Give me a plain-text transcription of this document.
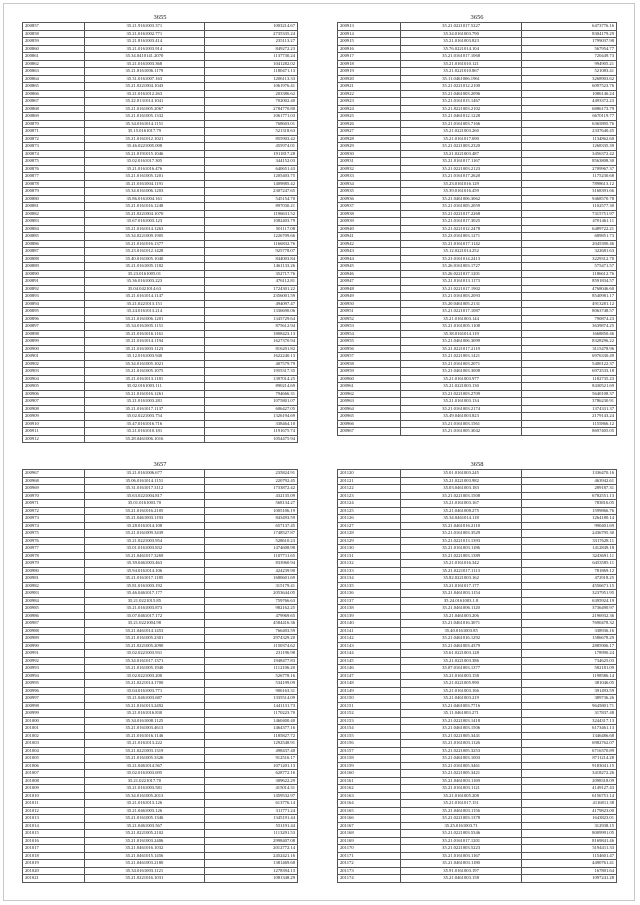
3655
200857	35.21.9161003.371	1003214.67
200858	35.21.0161002.771	2735335.24
200859	35.21.8161003.414	235113.27
200860	35.21.0161003.914	849272.23
200861	35.34.0410141.2070	1137730.24
200862	35.21.0161003.368	1041282.02
200863	35.21.8161006.1179	1180471.13
200864	35.31.0161007.163	1206113.33
200865	35.21.0221004.1043	1061976.41
200866	35.21.0161012.263	203386.62
200867	35.22.0131014.1041	702002.40
200868	35.21.0161005.2067	2784770.80
200869	35.21.0161005.1332	1061771.03
200870	35.34.0161014.1151	768603.01
200871	35.15.0161017.79	521318.63
200872	35.21.0161012.1021	855903.42
200873	35.46.0221005.008	455974.01
200874	35.21.0191015.1046	1911817.28
200875	35.02.0161017.305	344152.03
200876	35.21.0161016.476	640651.43
200877	35.21.0161005.1201	1205403.75
200878	35.21.0161004.1191	1409885.42
200879	35.34.0161006.1203	2307247.65
200880	35.86.0161004.161	545154.70
200881	35.21.0161016.1248	897030.21
200882	35.21.0221004.1070	1196631.52
200883	35.67.0161003.123	1082403.79
200884	35.21.0161014.1263	501117.08
200885	35.34.0221009.1905	1226709.66
200886	35.21.0161016.1377	1166832.76
200887	35.23.0161012.1428	925778.07
200888	35.40.0161005.1040	844003.84
200889	35.21.0161005.1182	1461133.26
200890	35.23.0161005.01	352717.76
200891	35.36.0161003.223	476112.81
200892	35.04.0421014.63	1724301.22
200893	35.21.0161014.1147	2356001.59
200894	35.21.0221013.151	494097.47
200895	35.24.0161013.214	1336690.06
200896	35.21.0161006.1201	1345729.64
200897	35.34.0161005.1151	875612.94
200898	35.21.0161016.1161	1808423.13
200899	35.21.0161014.1194	1627370.94
200900	35.21.0161003.1123	816201.82
200901	35.12.0161003.940	1622240.13
200902	35.34.0161005.1021	407579.79
200903	35.21.0161005.1075	1955317.35
200904	35.21.0161013.1181	1397014.25
200905	35.02.0161003.111	890214.69
200906	35.21.0161016.1261	794666.31
200907	35.21.0161003.281	1075801.07
200908	35.21.0161017.1137	606427.05
200909	35.02.0221003.754	1326194.69
200910	35.47.0161016.716	338464.10
200911	35.21.0161010.181	1191675.74
200912	35.28.0461006.1016	1054475.94
3656
200913	35.21.0221017.5227	6473776.16
200914	35.34.0161003.790	8304179.29
200915	35.21.0161003.823	1799037.98
200916	35.76.0221014.104	567954.77
200917	35.21.0161017.1068	720449.73
200918	35.21.0161010.121	994905.21
200919	35.21.0221010.867	521083.41
200920	35.11.0461006.1961	3268903.62
200921	35.21.0221012.2100	6097523.76
200922	35.21.0461003.2096	1086146.24
200923	35.21.0161015.1467	4493372.23
200924	35.21.8221003.2102	6886173.79
200925	35.21.0461012.1228	6670119.77
200926	35.21.0161003.7166	6365895.76
200927	35.21.0221003.260	2337640.45
200928	35.21.0161017.690	1134862.60
200929	35.21.0221003.2320	1268335.39
200930	35.21.0221003.487	3456372.42
200931	35.21.0161017.1167	8563808.30
200932	35.21.0221003.2123	2709967.37
200933	35.21.0161017.2620	1175230.68
200934	35.23.0161016.129	7898613.12
200935	35.39.0161016.459	3168391.66
200936	35.21.0461006.3062	9468570.78
200937	35.21.0161005.2059	1102577.30
200938	35.21.0221017.2268	7315751.97
200939	35.21.0161017.3025	4701461.11
200940	35.21.0221012.2478	6489722.21
200941	35.23.0161003.1271	689851.73
200942	35.21.0161017.1142	2045390.46
200943	35.12.0221014.252	322681.63
200944	35.21.0161014.2413	3229312.70
200945	35.26.0161003.1727	575471.57
200946	35.26.0221017.1201	1186612.76
200947	35.21.0161013.1173	8591834.57
200948	35.21.0221017.1902	4768046.60
200949	35.21.0161003.2093	8540981.17
200950	35.20.0461005.2131	4913281.12
200951	35.21.0221017.1087	8063748.57
200952	35.21.0161003.144	790874.23
200953	35.21.0161005.1108	3639874.25
200954	35.38.0161014.119	1668850.46
200955	35.21.0461006.3099	8328296.22
200956	35.21.0221017.2119	3115478.96
200957	35.21.0221003.1421	6976330.49
200958	35.21.0161003.2071	5400122.37
200959	35.21.0461003.3008	6972533.18
200960	35.21.0161003.977	1182735.23
200961	35.21.0221003.130	8430521.69
200962	35.21.0221003.2709	5640108.37
200963	35.21.0161003.134	3786230.91
200964	35.21.0161003.2174	1374331.37
200965	35.49.0461003.823	2179143.24
200966	35.21.0161003.1561	1155866.12
200967	35.21.0161005.3042	8697405.05
3657
200967	35.21.0161006.677	235824.91
200968	35.06.0161014.1151	220792.45
200969	35.31.0161017.3112	1733872.42
200970	35.63.0221004.817	432135.09
200971	35.01.0161003.70	568134.27
200972	35.21.0161016.2105	1005106.19
200973	35.21.0461003.1193	843493.59
200974	35.28.0161014.108	657137.45
200975	35.21.0161009.3439	1748527.87
200976	35.21.0221003.954	528610.23
200977	35.01.0161003.832	1474608.98
200978	35.21.0461017.3269	1107711.65
200979	35.39.0461003.463	833960.94
200980	35.94.0161014.106	424239.90
200981	35.21.0161017.1185	1680601.69
200982	35.81.0161003.192	315179.41
200983	35.46.0461017.177	2053644.05
200984	35.21.0221015.85	759766.63
200985	35.21.0161003.873	982162.25
200986	35.07.0461017.172	479969.65
200987	35.21.0221004.98	4584416.36
200988	35.21.0461014.1453	766403.59
200989	35.21.0161005.2301	2974329.20
200990	35.21.0221005.2090	1150374.62
200991	35.02.0221003.931	231196.98
200992	35.34.0161017.1371	1948477.83
200993	35.21.0161005.1940	1112106.20
200994	35.02.0221003.200	526778.16
200995	35.21.0221014.1700	534199.09
200996	35.04.0161003.771	906163.31
200997	35.21.0461003.687	1335514.09
200998	35.21.0161013.2492	1441131.73
200999	35.21.0161016.830	1170223.70
201000	35.34.0161008.1125	1460400.40
201001	35.21.0161003.4613	1464377.16
201002	35.21.0161016.1146	1185827.72
201003	35.21.0161013.222	1292548.91
201004	35.21.0221003.1319	498437.40
201005	35.21.0161005.3326	912516.17
201006	35.21.0461014.567	1071201.13
201007	35.02.0161003.695	628772.16
201008	35.21.0221017.70	309622.29
201009	35.21.0161003.581	415014.31
201010	35.34.0161005.2013	1459532.97
201011	35.21.0161013.126	613776.14
201012	35.21.0461003.126	311771.24
201013	35.21.0161005.1346	1345191.44
201014	35.21.0461003.567	551191.44
201015	35.21.0221005.2102	1113291.53
201016	35.21.0161003.2406	2998407.08
201017	35.21.0461016.1032	2012772.14
201018	35.21.0461015.1456	2452421.16
201019	35.21.0461003.2180	1381469.68
201020	35.34.0161003.1121	1278394.13
201021	35.21.0221016.1031	1081348.29
3658
201120	35.01.0161003.245	1336470.16
201121	35.21.0221003.982	463942.61
201122	35.03.0461003.183	289187.31
201123	35.21.0221003.1508	6782551.13
201124	35.21.0161003.167	783816.05
201125	35.21.0461008.275	1599866.76
201126	35.34.0461014.118	1264180.14
201127	35.21.0461016.2118	990401.69
201128	35.21.0161003.3529	2436795.30
201129	35.21.0221013.1393	3317628.11
201130	35.21.0161003.1186	1412849.18
201131	35.21.0221003.1389	3243691.11
201132	35.21.0161016.342	6453585.11
201133	35.21.0221017.1113	781869.12
201134	35.82.0221003.162	472918.25
201135	35.21.0161017.177	4556671.15
201136	35.21.0461003.1154	3237951.95
201137	35.24.0161003.1.8	6395924.19
201138	35.21.0461006.1120	3736490.97
201139	35.21.0461003.206	2196932.36
201140	35.21.0461016.3071	7690478.32
201141	35.40.0161003.85	338936.16
201142	35.21.0461016.1292	1586678.29
201143	35.21.0461003.4379	2885906.17
201144	35.61.0221003.128	178990.24
201145	35.21.0221003.386	734625.03
201146	35.07.0161003.1377	582181.09
201147	35.21.0161003.158	1198586.14
201148	35.21.0221005.990	381046.05
201149	35.21.0161003.166	391493.59
201150	35.21.0461003.219	389736.26
201151	35.21.0461003.7716	9645801.71
201152	35.11.0461003.271	317837.48
201153	35.21.0221003.1418	3244317.13
201154	35.21.0461003.1506	6173461.13
201155	35.21.0221005.3441	1346486.68
201156	35.21.0161003.1126	6982762.07
201157	35.21.0221005.3253	6716370.89
201158	35.21.0461003.1003	8711214.28
201159	35.21.0161005.3461	9183041.15
201160	35.21.0221005.3421	3418272.26
201161	35.21.0461003.1169	2098318.09
201162	35.21.0161003.1121	4149127.43
201163	35.21.0161005.208	6156751.14
201164	35.21.0161017.151	4116811.38
201165	35.21.0461003.1156	4179823.00
201166	35.21.0221003.1378	1643823.01
201167	35.25.0161003.71	312938.15
201168	35.21.0221003.5346	8009991.05
201169	35.21.0161017.1201	8169841.46
201170	35.21.0221003.5223	5194411.33
201171	35.21.0161003.1167	1154601.47
201172	35.21.0461003.1180	4490761.41
201173	35.91.0161003.197	167801.64
201174	35.21.0461003.158	1097241.28
